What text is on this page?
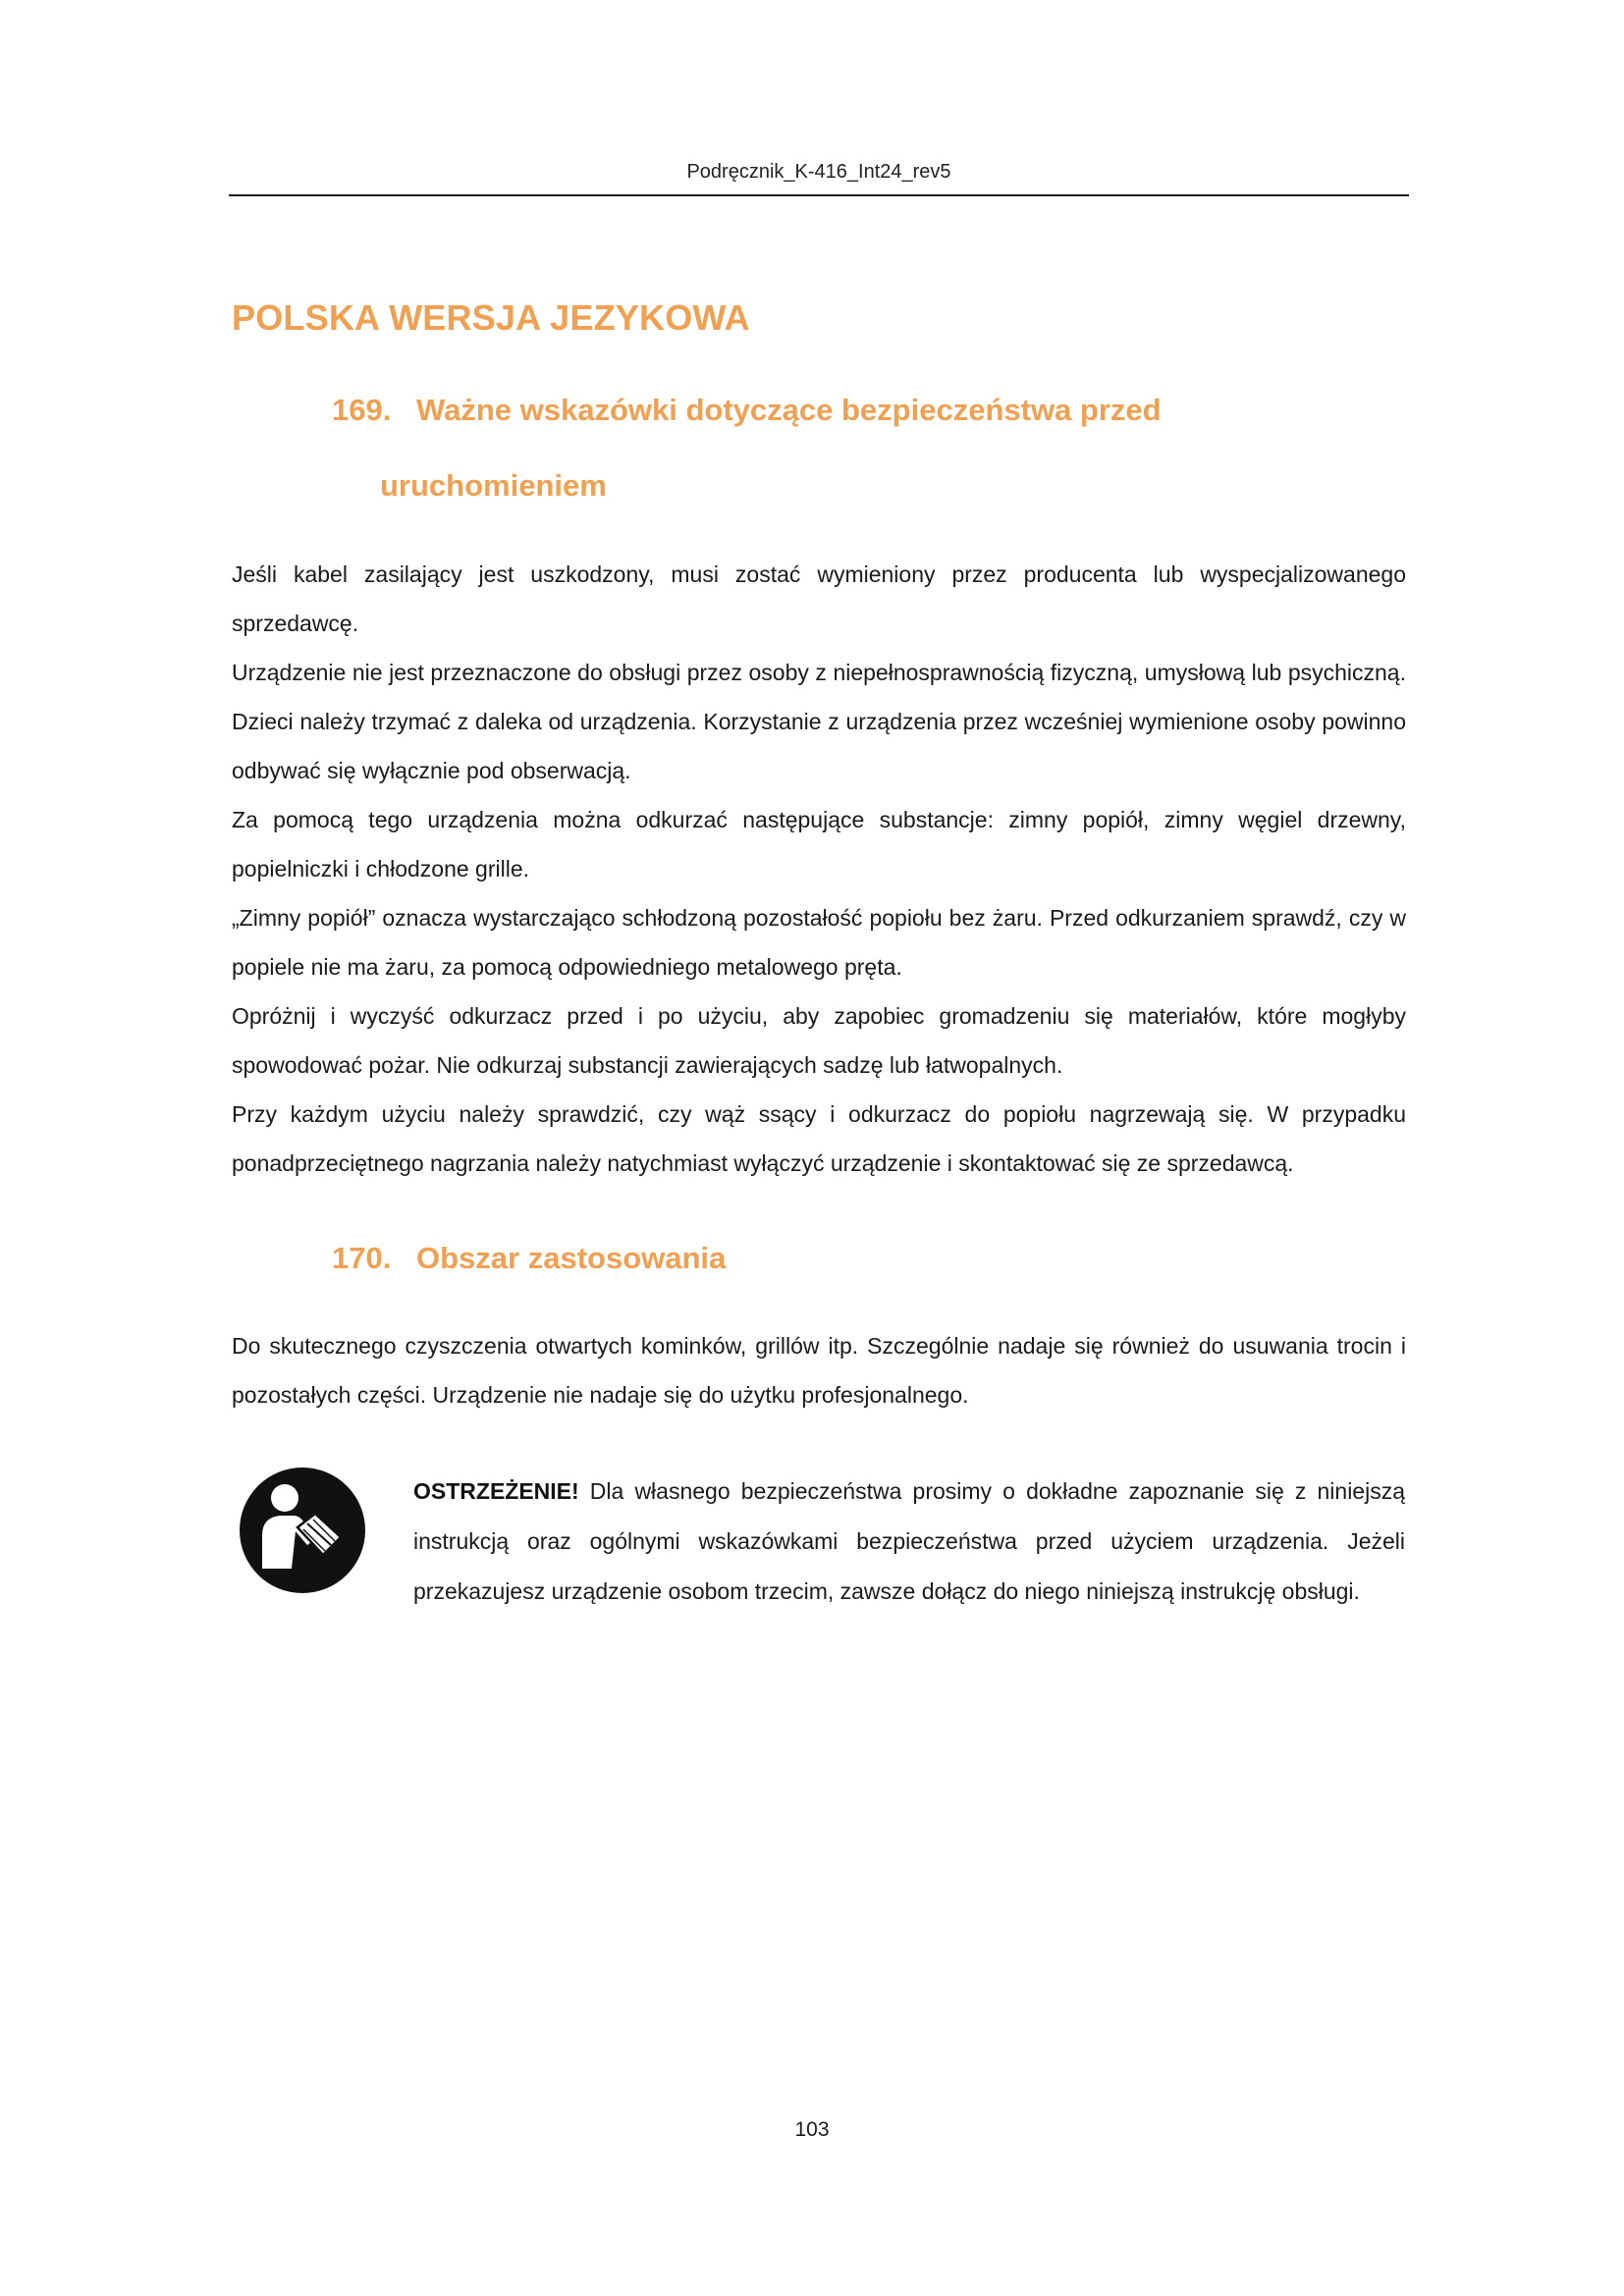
Podręcznik_K-416_Int24_rev5
POLSKA WERSJA JEZYKOWA
169. Ważne wskazówki dotyczące bezpieczeństwa przed
uruchomieniem

Jeśli kabel zasilający jest uszkodzony, musi zostać wymieniony przez producenta lub wyspecjalizowanego sprzedawcę.

Urządzenie nie jest przeznaczone do obsługi przez osoby z niepełnosprawnością fizyczną, umysłową lub psychiczną. Dzieci należy trzymać z daleka od urządzenia. Korzystanie z urządzenia przez wcześniej wymienione osoby powinno odbywać się wyłącznie pod obserwacją.

Za pomocą tego urządzenia można odkurzać następujące substancje: zimny popiół, zimny węgiel drzewny, popielniczki i chłodzone grille.

„Zimny popiół” oznacza wystarczająco schłodzoną pozostałość popiołu bez żaru. Przed odkurzaniem sprawdź, czy w popiele nie ma żaru, za pomocą odpowiedniego metalowego pręta.

Opróżnij i wyczyść odkurzacz przed i po użyciu, aby zapobiec gromadzeniu się materiałów, które mogłyby spowodować pożar. Nie odkurzaj substancji zawierających sadzę lub łatwopalnych.

Przy każdym użyciu należy sprawdzić, czy wąż ssący i odkurzacz do popiołu nagrzewają się. W przypadku ponadprzeciętnego nagrzania należy natychmiast wyłączyć urządzenie i skontaktować się ze sprzedawcą.

170. Obszar zastosowania

Do skutecznego czyszczenia otwartych kominków, grillów itp. Szczególnie nadaje się również do usuwania trocin i pozostałych części. Urządzenie nie nadaje się do użytku profesjonalnego.

OSTRZEŻENIE! Dla własnego bezpieczeństwa prosimy o dokładne zapoznanie się z niniejszą instrukcją oraz ogólnymi wskazówkami bezpieczeństwa przed użyciem urządzenia. Jeżeli przekazujesz urządzenie osobom trzecim, zawsze dołącz do niego niniejszą instrukcję obsługi.
103
